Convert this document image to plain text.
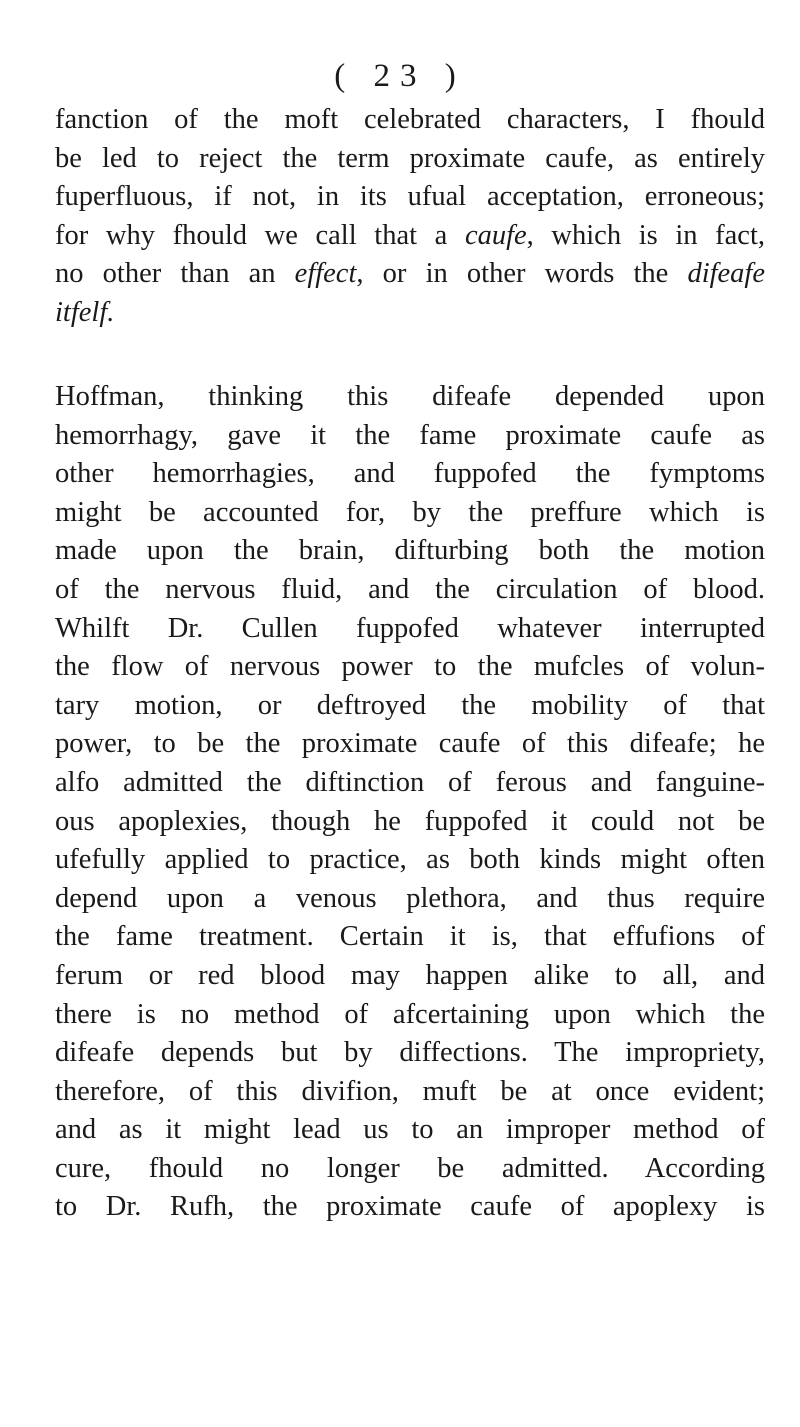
( 23 )
fanction of the moft celebrated characters, I fhould
be led to reject the term proximate caufe, as entirely
fuperfluous, if not, in its ufual acceptation, erroneous;
for why fhould we call that a caufe, which is in fact,
no other than an effect, or in other words the difeafe
itfelf.
Hoffman, thinking this difeafe depended upon
hemorrhagy, gave it the fame proximate caufe as
other hemorrhagies, and fuppofed the fymptoms
might be accounted for, by the preffure which is
made upon the brain, difturbing both the motion
of the nervous fluid, and the circulation of blood.
Whilft Dr. Cullen fuppofed whatever interrupted
the flow of nervous power to the mufcles of volun-
tary motion, or deftroyed the mobility of that
power, to be the proximate caufe of this difeafe; he
alfo admitted the diftinction of ferous and fanguine-
ous apoplexies, though he fuppofed it could not be
ufefully applied to practice, as both kinds might often
depend upon a venous plethora, and thus require
the fame treatment. Certain it is, that effufions of
ferum or red blood may happen alike to all, and
there is no method of afcertaining upon which the
difeafe depends but by diffections. The impropriety,
therefore, of this divifion, muft be at once evident;
and as it might lead us to an improper method of
cure, fhould no longer be admitted. According
to Dr. Rufh, the proximate caufe of apoplexy is
